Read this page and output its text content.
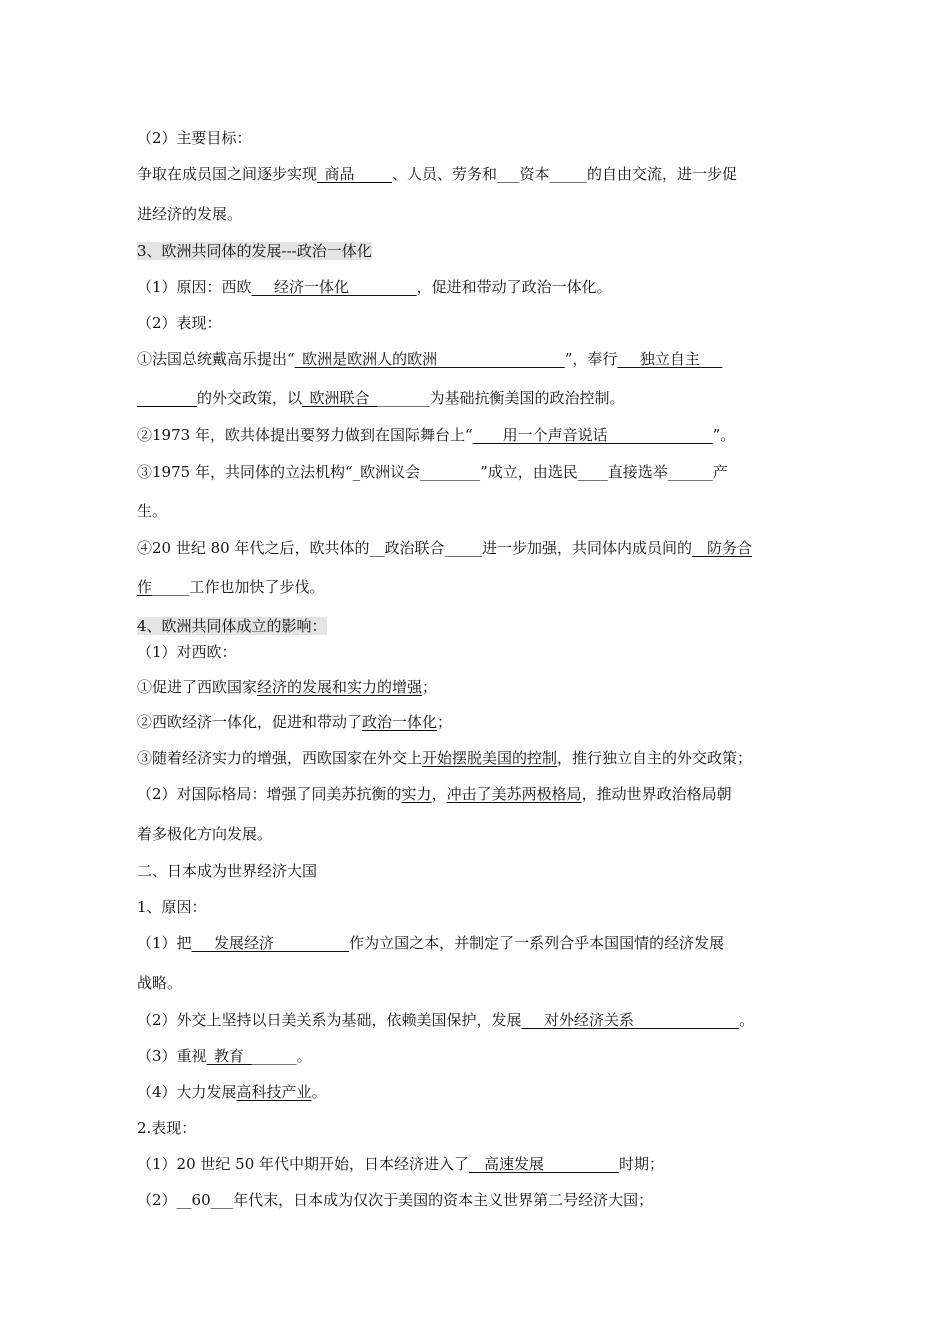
（2）主要目标：
争取在成员国之间逐步实现_商品_____、人员、劳务和___资本_____的自由交流，进一步促
进经济的发展。
3、欧洲共同体的发展---政治一体化
（1）原因：西欧___经济一体化_________，促进和带动了政治一体化。
（2）表现：
①法国总统戴高乐提出“_欧洲是欧洲人的欧洲_________________”，奉行___独立自主___
________的外交政策，以_欧洲联合________为基础抗衡美国的政治控制。
②1973 年，欧共体提出要努力做到在国际舞台上“____用一个声音说话______________”。
③1975 年，共同体的立法机构“_欧洲议会________”成立，由选民____直接选举______产
生。
④20 世纪 80 年代之后，欧共体的__政治联合_____进一步加强，共同体内成员间的__防务合
作_____工作也加快了步伐。
4、欧洲共同体成立的影响：
（1）对西欧：
①促进了西欧国家经济的发展和实力的增强；
②西欧经济一体化，促进和带动了政治一体化；
③随着经济实力的增强，西欧国家在外交上开始摆脱美国的控制，推行独立自主的外交政策；
（2）对国际格局：增强了同美苏抗衡的实力，冲击了美苏两极格局，推动世界政治格局朝
着多极化方向发展。
二、日本成为世界经济大国
1、原因：
（1）把___发展经济__________作为立国之本，并制定了一系列合乎本国国情的经济发展
战略。
（2）外交上坚持以日美关系为基础，依赖美国保护，发展___对外经济关系______________。
（3）重视_教育_______。
（4）大力发展高科技产业。
2.表现：
（1）20 世纪 50 年代中期开始，日本经济进入了__高速发展__________时期；
（2）__60___年代末，日本成为仅次于美国的资本主义世界第二号经济大国；
